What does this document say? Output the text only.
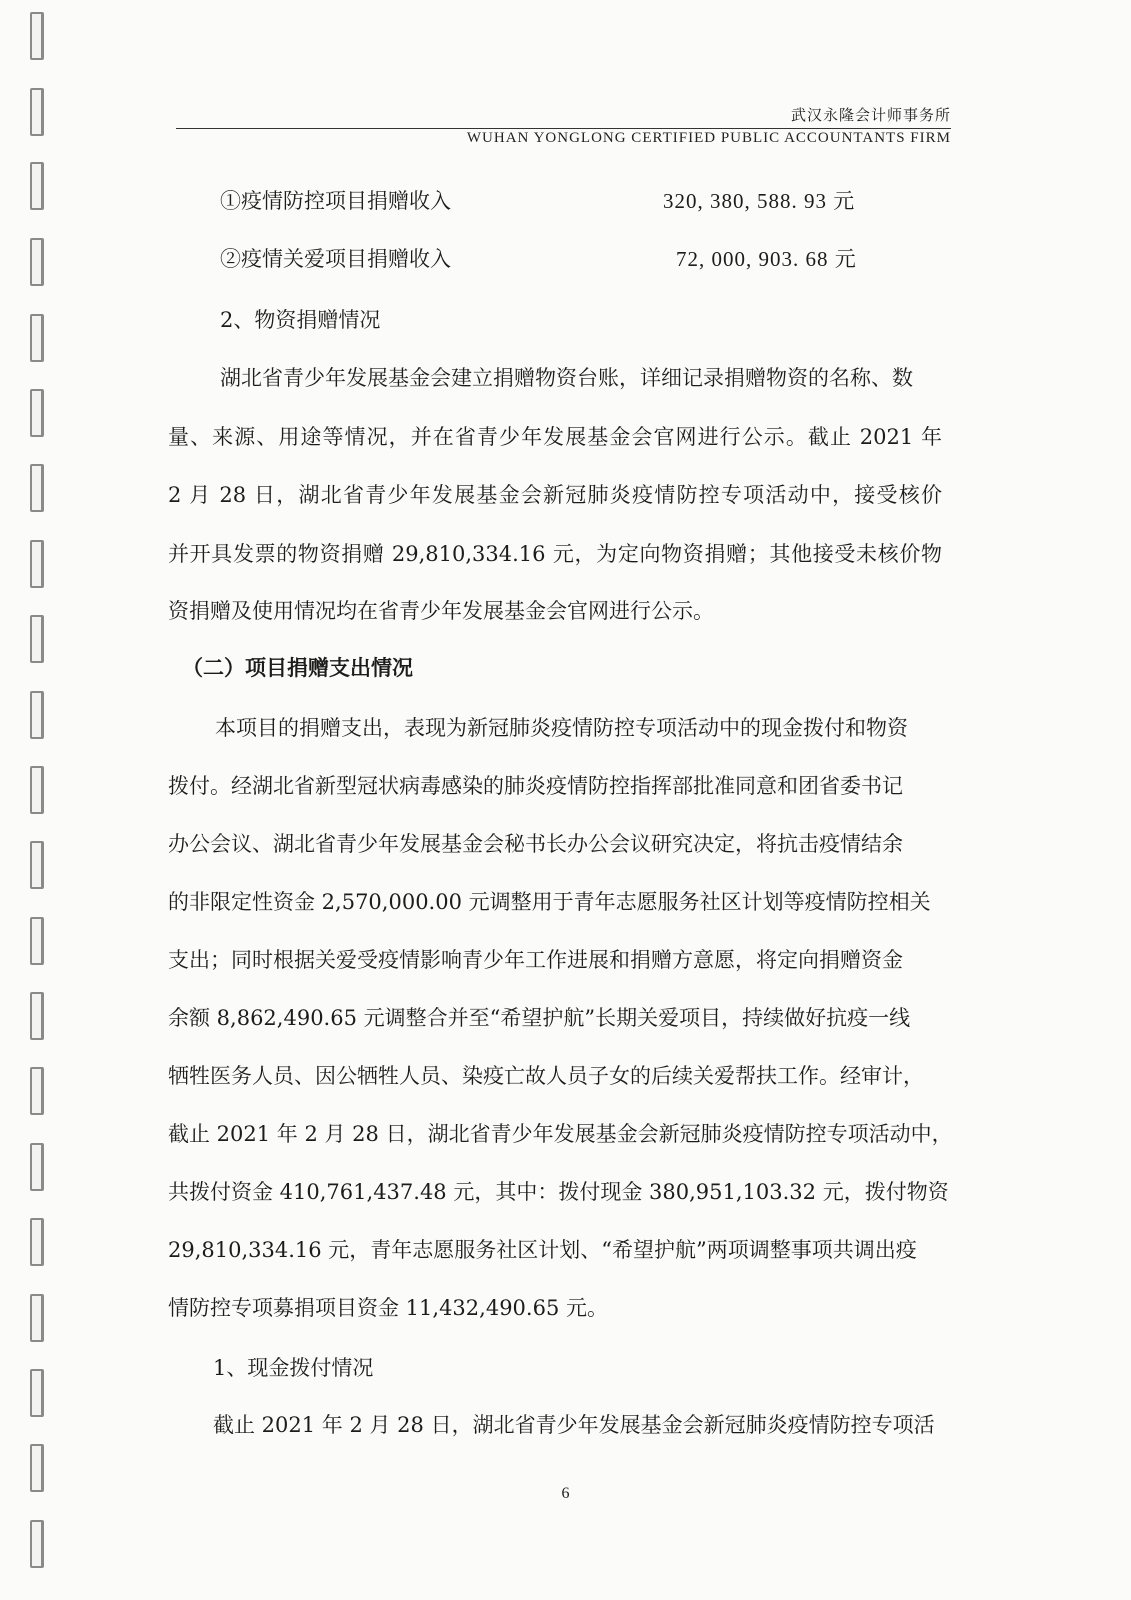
武汉永隆会计师事务所
WUHAN YONGLONG CERTIFIED PUBLIC ACCOUNTANTS FIRM
①疫情防控项目捐赠收入	320, 380, 588. 93 元
②疫情关爱项目捐赠收入	72, 000, 903. 68 元
2、物资捐赠情况
湖北省青少年发展基金会建立捐赠物资台账，详细记录捐赠物资的名称、数
量、来源、用途等情况，并在省青少年发展基金会官网进行公示。截止 2021 年
2 月 28 日，湖北省青少年发展基金会新冠肺炎疫情防控专项活动中，接受核价
并开具发票的物资捐赠 29,810,334.16 元，为定向物资捐赠；其他接受未核价物
资捐赠及使用情况均在省青少年发展基金会官网进行公示。
（二）项目捐赠支出情况
本项目的捐赠支出，表现为新冠肺炎疫情防控专项活动中的现金拨付和物资
拨付。经湖北省新型冠状病毒感染的肺炎疫情防控指挥部批准同意和团省委书记
办公会议、湖北省青少年发展基金会秘书长办公会议研究决定，将抗击疫情结余
的非限定性资金 2,570,000.00 元调整用于青年志愿服务社区计划等疫情防控相关
支出；同时根据关爱受疫情影响青少年工作进展和捐赠方意愿，将定向捐赠资金
余额 8,862,490.65 元调整合并至“希望护航”长期关爱项目，持续做好抗疫一线
牺牲医务人员、因公牺牲人员、染疫亡故人员子女的后续关爱帮扶工作。经审计，
截止 2021 年 2 月 28 日，湖北省青少年发展基金会新冠肺炎疫情防控专项活动中，
共拨付资金 410,761,437.48 元，其中：拨付现金 380,951,103.32 元，拨付物资
29,810,334.16 元，青年志愿服务社区计划、“希望护航”两项调整事项共调出疫
情防控专项募捐项目资金 11,432,490.65 元。
1、现金拨付情况
截止 2021 年 2 月 28 日，湖北省青少年发展基金会新冠肺炎疫情防控专项活
6
